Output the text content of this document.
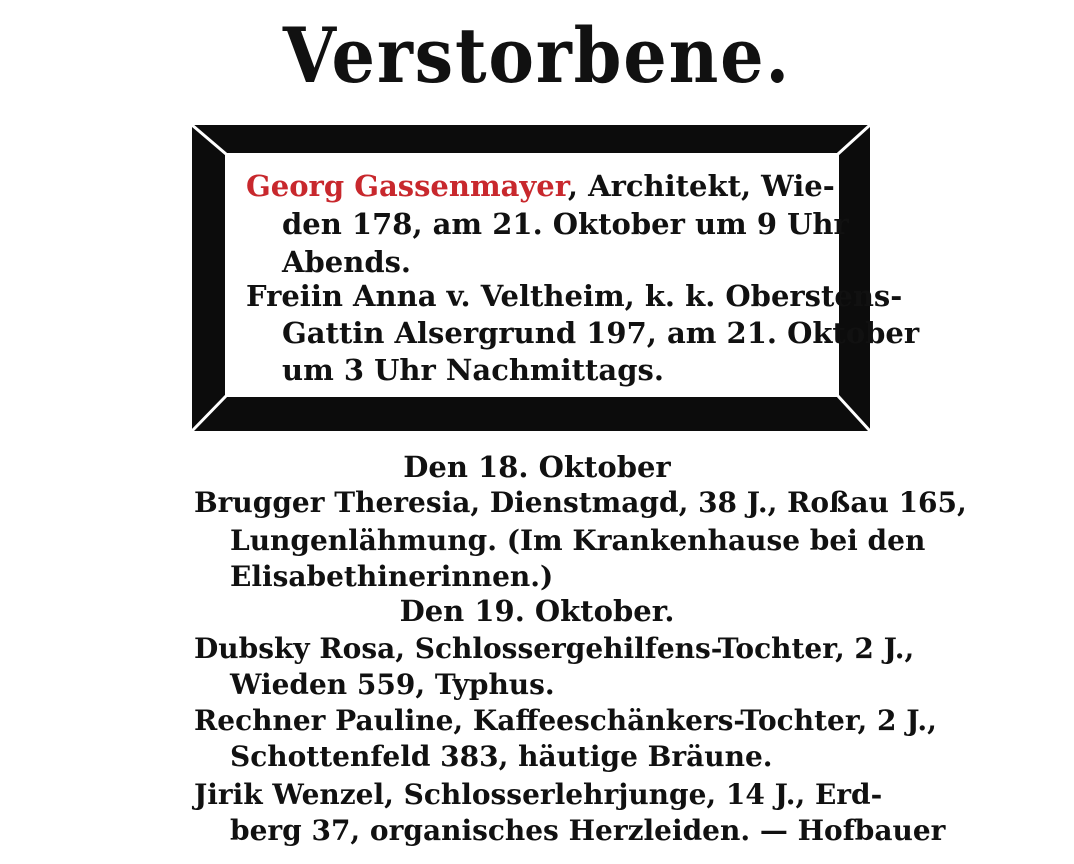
Verstorbene.
Georg Gassenmayer, Architekt, Wie-
den 178, am 21. Oktober um 9 Uhr
Abends.
Freiin Anna v. Veltheim, k. k. Oberstens-
Gattin Alsergrund 197, am 21. Oktober
um 3 Uhr Nachmittags.
Den 18. Oktober
Brugger Theresia, Dienstmagd, 38 J., Roßau 165,
Lungenlähmung. (Im Krankenhause bei den
Elisabethinerinnen.)
Den 19. Oktober.
Dubsky Rosa, Schlossergehilfens-Tochter, 2 J.,
Wieden 559, Typhus.
Rechner Pauline, Kaffeeschänkers-Tochter, 2 J.,
Schottenfeld 383, häutige Bräune.
Jirik Wenzel, Schlosserlehrjunge, 14 J., Erd-
berg 37, organisches Herzleiden. — Hofbauer
